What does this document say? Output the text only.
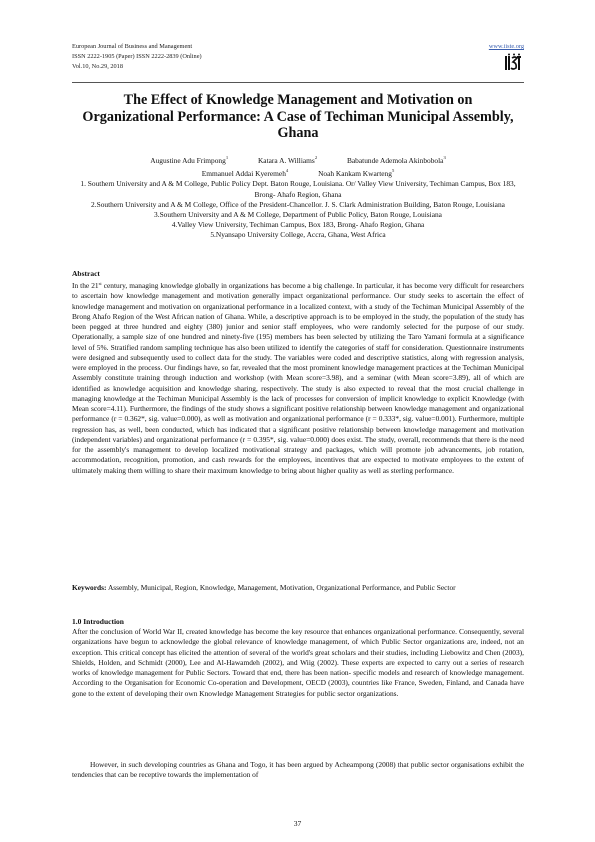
European Journal of Business and Management
ISSN 2222-1905 (Paper) ISSN 2222-2839 (Online)
Vol.10, No.29, 2018
www.iiste.org
The Effect of Knowledge Management and Motivation on Organizational Performance: A Case of Techiman Municipal Assembly, Ghana
Augustine Adu Frimpong$^1$	Katara A. Williams$^2$	Babatunde Ademola Akinbobola$^3$
Emmanuel Addai Kyeremeh$^4$	Noah Kankam Kwarteng$^5$
1. Southern University and A & M College, Public Policy Dept. Baton Rouge, Louisiana. Or/ Valley View University, Techiman Campus, Box 183, Brong- Ahafo Region, Ghana
2.Southern University and A & M College, Office of the President-Chancellor. J. S. Clark Administration Building, Baton Rouge, Louisiana
3.Southern University and A & M College, Department of Public Policy, Baton Rouge, Louisiana
4.Valley View University, Techiman Campus, Box 183, Brong- Ahafo Region, Ghana
5.Nyansapo University College, Accra, Ghana, West Africa
Abstract
In the 21st century, managing knowledge globally in organizations has become a big challenge. In particular, it has become very difficult for researchers to ascertain how knowledge management and motivation generally impact organizational performance. Our study seeks to ascertain the effect of knowledge management and motivation on organizational performance in a localized context, with a study of the Techiman Municipal Assembly of the Brong Ahafo Region of the West African nation of Ghana. While, a descriptive approach is to be employed in the study, the population of the study has been pegged at three hundred and eighty (380) junior and senior staff employees, who were randomly selected for the purpose of our study. Operationally, a sample size of one hundred and ninety-five (195) members has been selected by utilizing the Taro Yamani formula at a significance level of 5%. Stratified random sampling technique has also been utilized to identify the categories of staff for consideration. Questionnaire instruments were designed and subsequently used to collect data for the study. The variables were coded and descriptive statistics, along with regression analysis, were employed in the process. Our findings have, so far, revealed that the most prominent knowledge management practices at the Techiman Municipal Assembly constitute training through induction and workshop (with Mean score=3.98), and a seminar (with Mean score=3.89), all of which are identified as knowledge acquisition and knowledge sharing, respectively. The study is also expected to reveal that the most crucial challenge in managing knowledge at the Techiman Municipal Assembly is the lack of processes for conversion of implicit knowledge to explicit Knowledge (with Mean score=4.11). Furthermore, the findings of the study shows a significant positive relationship between knowledge management and organizational performance (r = 0.362*, sig. value=0.000), as well as motivation and organizational performance (r = 0.333*, sig. value=0.001). Furthermore, multiple regression has, as well, been conducted, which has indicated that a significant positive relationship between knowledge management and motivation (independent variables) and organizational performance (r = 0.395*, sig. value=0.000) does exist. The study, overall, recommends that there is the need for the assembly's management to develop localized motivational strategy and packages, which will promote job advancements, job rotation, accommodation, recognition, promotion, and cash rewards for the employees, incentives that are expected to motivate employees to the extent of ultimately making them willing to share their maximum knowledge to bring about higher quality as well as sterling performance.
Keywords: Assembly, Municipal, Region, Knowledge, Management, Motivation, Organizational Performance, and Public Sector
1.0 Introduction
After the conclusion of World War II, created knowledge has become the key resource that enhances organizational performance. Consequently, several organizations have begun to acknowledge the global relevance of knowledge management, of which Public Sector organizations are, indeed, not an exception. This critical concept has elicited the attention of several of the world's great scholars and their studies, including Liebowitz and Chen (2003), Shields, Holden, and Schmidt (2000), Lee and Al-Hawamdeh (2002), and Wiig (2002). These experts are expected to carry out a series of research works of knowledge management for Public Sectors. Toward that end, there has been nation- specific models and research of knowledge management. According to the Organisation for Economic Co-operation and Development, OECD (2003), countries like France, Sweden, Finland, and Canada have gone to the extent of developing their own Knowledge Management Strategies for public sector organizations.
However, in such developing countries as Ghana and Togo, it has been argued by Acheampong (2008) that public sector organisations exhibit the tendencies that can be receptive towards the implementation of
37
